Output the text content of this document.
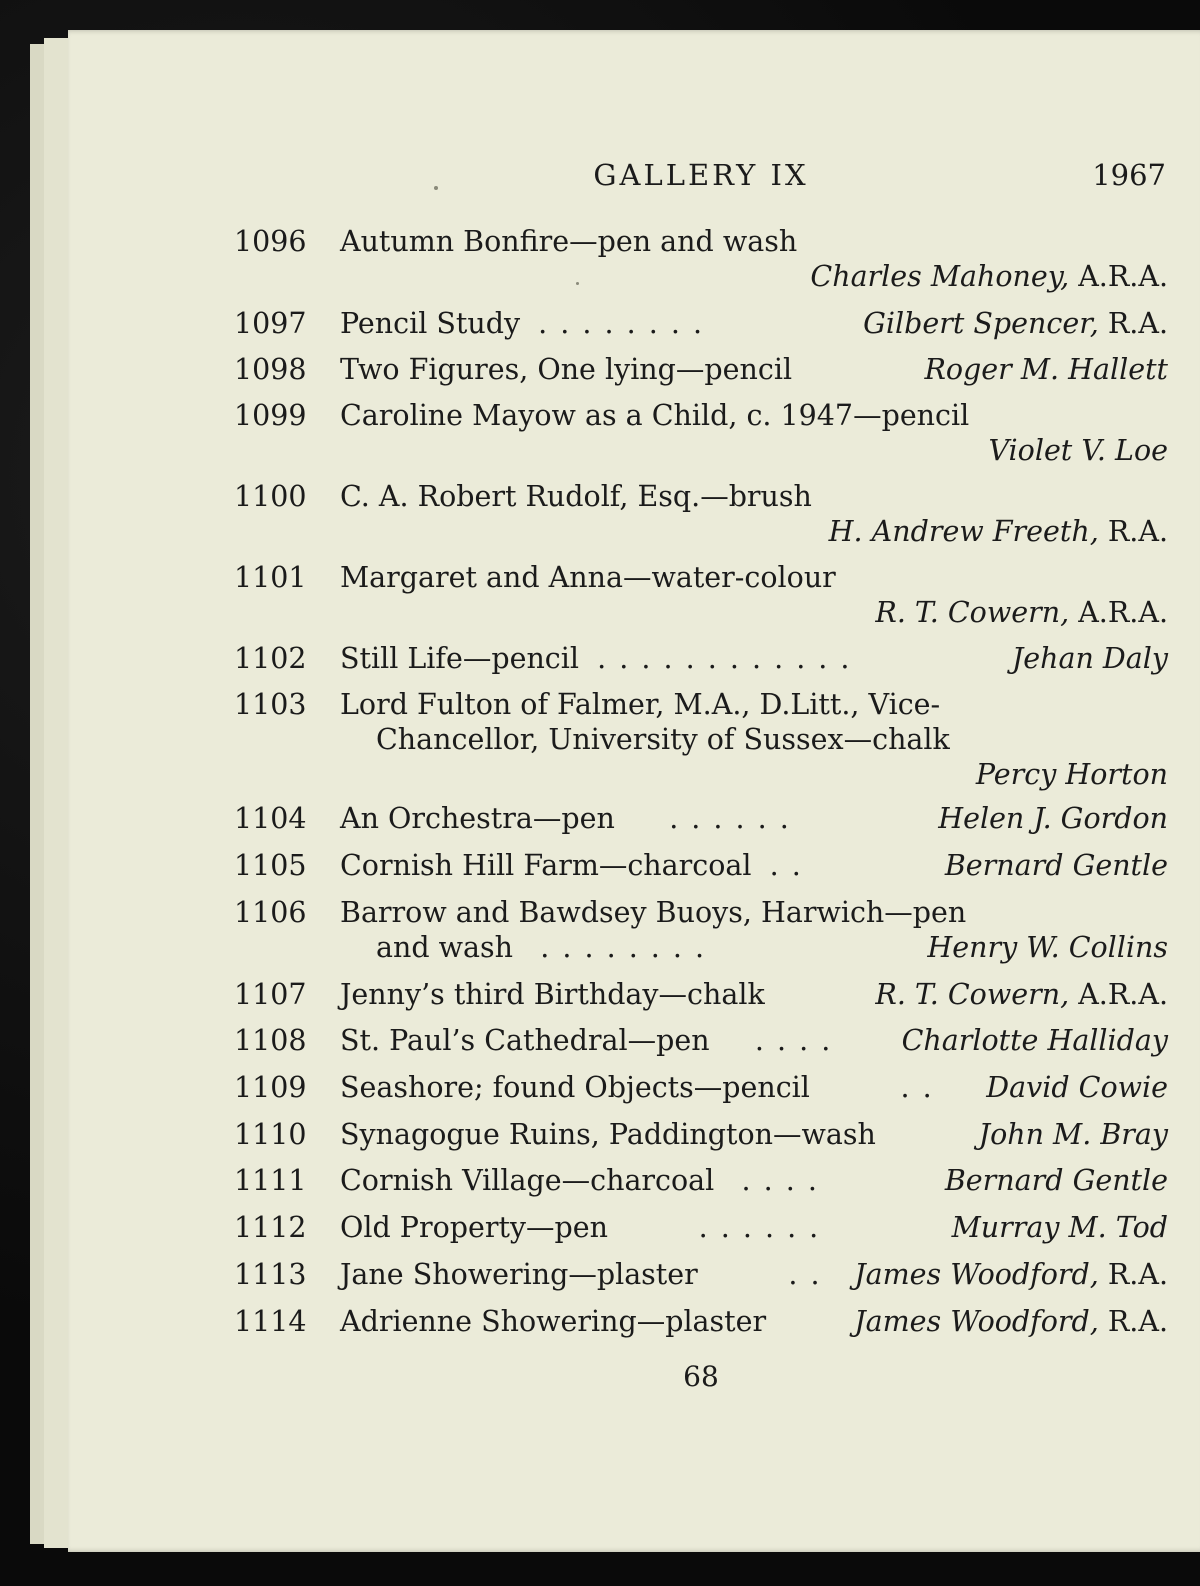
GALLERY IX	1967
1096	Autumn Bonfire—pen and wash
Charles Mahoney, A.R.A.
1097	Pencil Study . . . . . . . .	Gilbert Spencer, R.A.
1098	Two Figures, One lying—pencil	Roger M. Hallett
1099	Caroline Mayow as a Child, c. 1947—pencil
Violet V. Loe
1100	C. A. Robert Rudolf, Esq.—brush
H. Andrew Freeth, R.A.
1101	Margaret and Anna—water-colour
R. T. Cowern, A.R.A.
1102	Still Life—pencil . . . . . . . . . . . .	Jehan Daly
1103	Lord Fulton of Falmer, M.A., D.Litt., Vice-
Chancellor, University of Sussex—chalk
Percy Horton
1104	An Orchestra—pen . . . . . .	Helen J. Gordon
1105	Cornish Hill Farm—charcoal . .	Bernard Gentle
1106	Barrow and Bawdsey Buoys, Harwich—pen
and wash . . . . . . . .	Henry W. Collins
1107	Jenny’s third Birthday—chalk	R. T. Cowern, A.R.A.
1108	St. Paul’s Cathedral—pen . . . . Charlotte Halliday
1109	Seashore; found Objects—pencil	. . David Cowie
1110	Synagogue Ruins, Paddington—wash	John M. Bray
1111	Cornish Village—charcoal . . . .	Bernard Gentle
1112	Old Property—pen	. . . . . .	Murray M. Tod
1113	Jane Showering—plaster	. . James Woodford, R.A.
1114	Adrienne Showering—plaster	James Woodford, R.A.
68
